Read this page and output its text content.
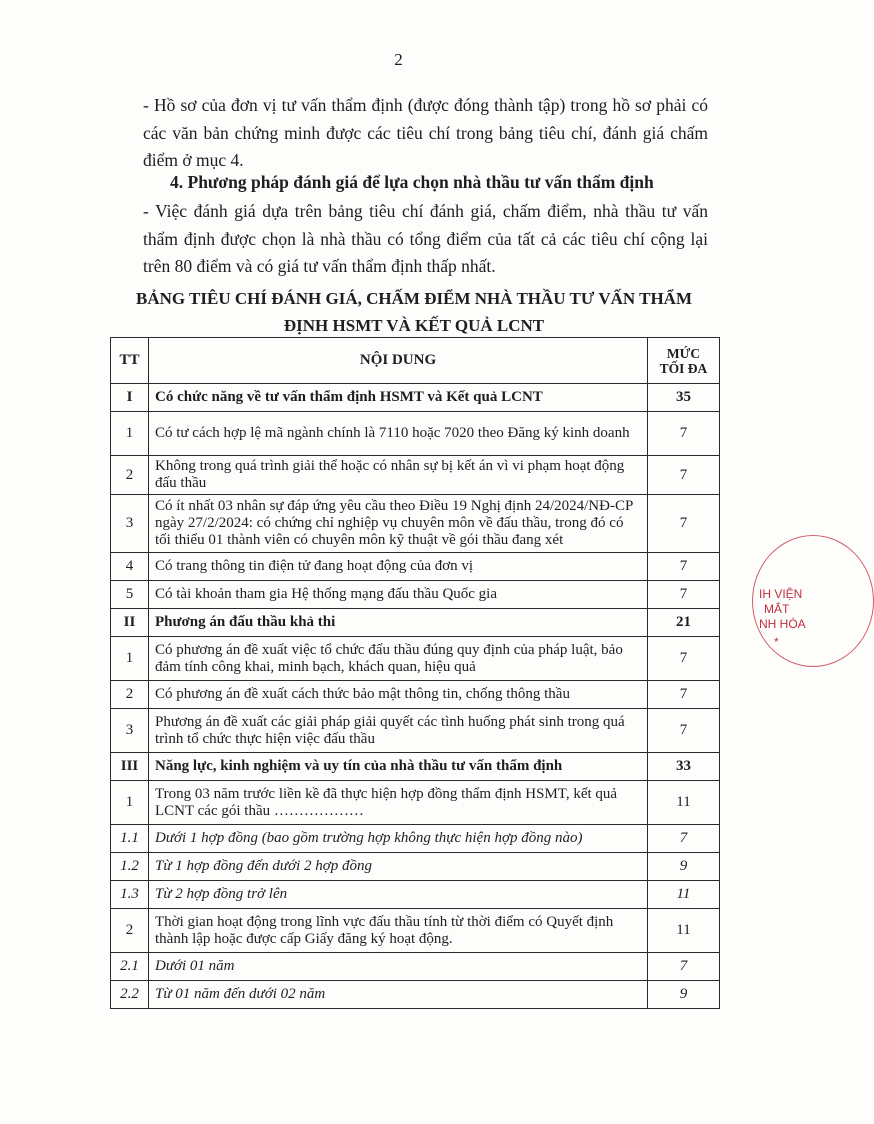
2
- Hồ sơ của đơn vị tư vấn thẩm định (được đóng thành tập) trong hồ sơ phải có các văn bản chứng minh được các tiêu chí trong bảng tiêu chí, đánh giá chấm điểm ở mục 4.
4. Phương pháp đánh giá để lựa chọn nhà thầu tư vấn thẩm định
- Việc đánh giá dựa trên bảng tiêu chí đánh giá, chấm điểm, nhà thầu tư vấn thẩm định được chọn là nhà thầu có tổng điểm của tất cả các tiêu chí cộng lại trên 80 điểm và có giá tư vấn thẩm định thấp nhất.
BẢNG TIÊU CHÍ ĐÁNH GIÁ, CHẤM ĐIỂM NHÀ THẦU TƯ VẤN THẨM
ĐỊNH HSMT VÀ KẾT QUẢ LCNT
TT	NỘI DUNG	MỨC
TỐI ĐA

I	Có chức năng về tư vấn thẩm định HSMT và Kết quả LCNT	35
1	Có tư cách hợp lệ mã ngành chính là 7110 hoặc 7020 theo Đăng ký kinh doanh	7
2	Không trong quá trình giải thể hoặc có nhân sự bị kết án vì vi phạm hoạt động đấu thầu	7
3	Có ít nhất 03 nhân sự đáp ứng yêu cầu theo Điều 19 Nghị định 24/2024/NĐ-CP ngày 27/2/2024: có chứng chỉ nghiệp vụ chuyên môn về đấu thầu, trong đó có tối thiểu 01 thành viên có chuyên môn kỹ thuật về gói thầu đang xét	7
4	Có trang thông tin điện tử đang hoạt động của đơn vị	7
5	Có tài khoản tham gia Hệ thống mạng đấu thầu Quốc gia	7
II	Phương án đấu thầu khả thi	21
1	Có phương án đề xuất việc tổ chức đấu thầu đúng quy định của pháp luật, bảo đảm tính công khai, minh bạch, khách quan, hiệu quả	7
2	Có phương án đề xuất cách thức bảo mật thông tin, chống thông thầu	7
3	Phương án đề xuất các giải pháp giải quyết các tình huống phát sinh trong quá trình tổ chức thực hiện việc đấu thầu	7
III	Năng lực, kinh nghiệm và uy tín của nhà thầu tư vấn thẩm định	33
1	Trong 03 năm trước liền kề đã thực hiện hợp đồng thẩm định HSMT, kết quả LCNT các gói thầu ………………	11
1.1	Dưới 1 hợp đồng (bao gồm trường hợp không thực hiện hợp đồng nào)	7
1.2	Từ 1 hợp đồng đến dưới 2 hợp đồng	9
1.3	Từ 2 hợp đồng trở lên	11
2	Thời gian hoạt động trong lĩnh vực đấu thầu tính từ thời điểm có Quyết định thành lập hoặc được cấp Giấy đăng ký hoạt động.	11
2.1	Dưới 01 năm	7
2.2	Từ 01 năm đến dưới 02 năm	9
IH VIỆN
MẮT
NH HÓA
*
